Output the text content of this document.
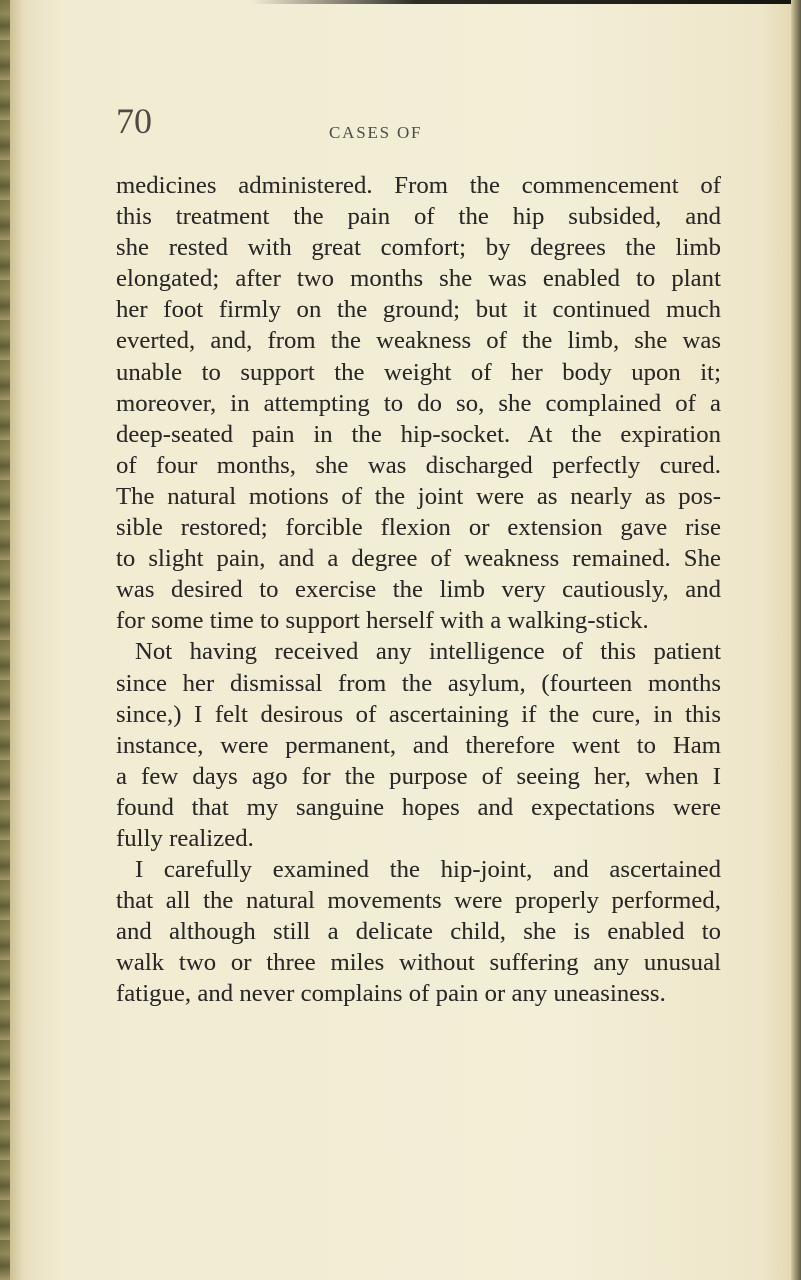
70	CASES OF
medicines administered. From the commencement of
this treatment the pain of the hip subsided, and
she rested with great comfort; by degrees the limb
elongated; after two months she was enabled to plant
her foot firmly on the ground; but it continued much
everted, and, from the weakness of the limb, she was
unable to support the weight of her body upon it;
moreover, in attempting to do so, she complained of a
deep-seated pain in the hip-socket. At the expiration
of four months, she was discharged perfectly cured.
The natural motions of the joint were as nearly as pos-
sible restored; forcible flexion or extension gave rise
to slight pain, and a degree of weakness remained. She
was desired to exercise the limb very cautiously, and
for some time to support herself with a walking-stick.
Not having received any intelligence of this patient
since her dismissal from the asylum, (fourteen months
since,) I felt desirous of ascertaining if the cure, in this
instance, were permanent, and therefore went to Ham
a few days ago for the purpose of seeing her, when I
found that my sanguine hopes and expectations were
fully realized.
I carefully examined the hip-joint, and ascertained
that all the natural movements were properly performed,
and although still a delicate child, she is enabled to
walk two or three miles without suffering any unusual
fatigue, and never complains of pain or any uneasiness.
